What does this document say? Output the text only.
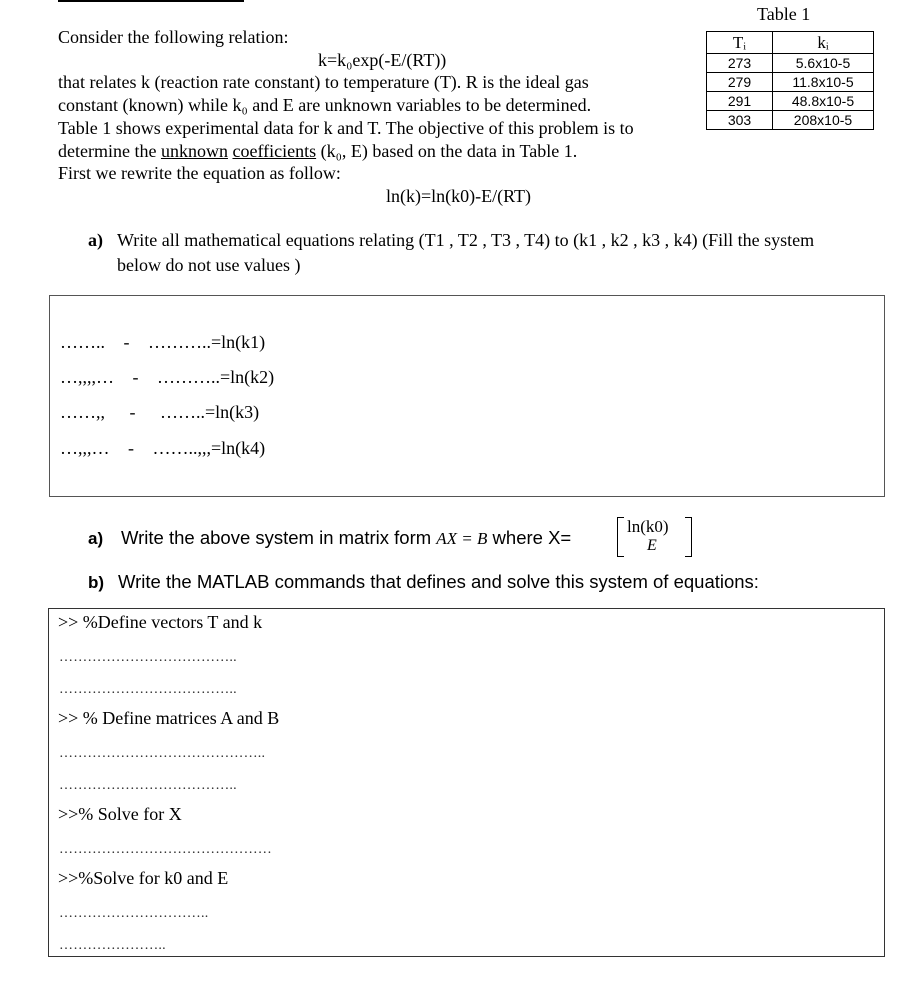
Consider the following relation:
k=k₀exp(-E/(RT))
that relates k (reaction rate constant) to temperature (T). R is the ideal gas
constant (known) while k₀ and E are unknown variables to be determined.
Table 1 shows experimental data for k and T. The objective of this problem is to
determine the unknown coefficients (k₀, E) based on the data in Table 1.
First we rewrite the equation as follow:
ln(k)=ln(k0)-E/(RT)
Table 1
Tᵢ	kᵢ
273	5.6x10-5
279	11.8x10-5
291	48.8x10-5
303	208x10-5
a) Write all mathematical equations relating (T1 , T2 , T3 , T4) to (k1 , k2 , k3 , k4) (Fill the system
below do not use values )
…….. - ………..=ln(k1)
…,,,,… - ………..=ln(k2)
……,, - ……..=ln(k3)
…,,,… - ……..,,,=ln(k4)
a) Write the above system in matrix form AX = B where X=
ln(k0)
E
b) Write the MATLAB commands that defines and solve this system of equations:
>> %Define vectors T and k
………………………………..
………………………………..
>> % Define matrices A and B
……………………………………..
………………………………..
>>% Solve for X
………………………………………
>>%Solve for k0 and E
…………………………..
…………………..
